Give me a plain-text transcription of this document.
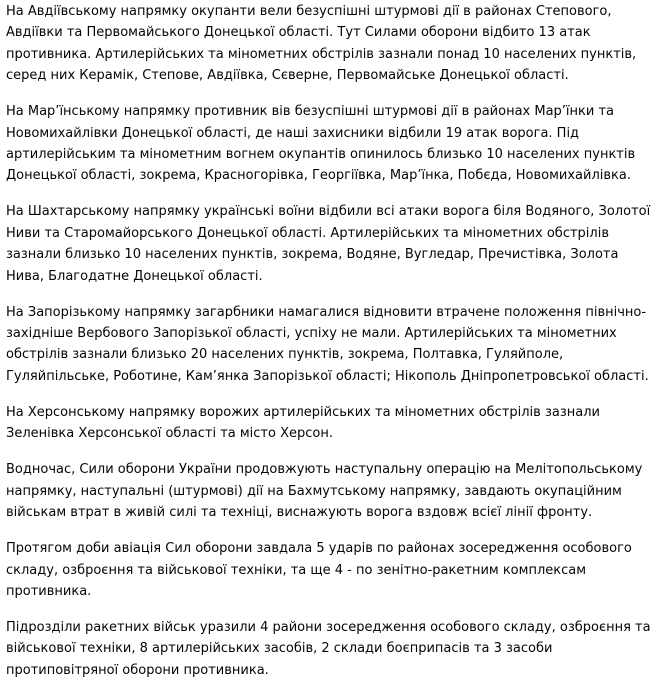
На Авдіївському напрямку окупанти вели безуспішні штурмові дії в районах Степового, Авдіївки та Первомайського Донецької області. Тут Силами оборони відбито 13 атак противника. Артилерійських та мінометних обстрілів зазнали понад 10 населених пунктів, серед них Керамік, Степове, Авдіївка, Сєверне, Первомайське Донецької області.

На Мар’їнському напрямку противник вів безуспішні штурмові дії в районах Мар’їнки та Новомихайлівки Донецької області, де наші захисники відбили 19 атак ворога. Під артилерійським та мінометним вогнем окупантів опинилось близько 10 населених пунктів Донецької області, зокрема, Красногорівка, Георгіївка, Мар’їнка, Побєда, Новомихайлівка.

На Шахтарському напрямку українські воїни відбили всі атаки ворога біля Водяного, Золотої Ниви та Старомайорського Донецької області. Артилерійських та мінометних обстрілів зазнали близько 10 населених пунктів, зокрема, Водяне, Вугледар, Пречистівка, Золота Нива, Благодатне Донецької області.

На Запорізькому напрямку загарбники намагалися відновити втрачене положення північно-західніше Вербового Запорізької області, успіху не мали. Артилерійських та мінометних обстрілів зазнали близько 20 населених пунктів, зокрема, Полтавка, Гуляйполе, Гуляйпільське, Роботине, Кам’янка Запорізької області; Нікополь Дніпропетровської області.

На Херсонському напрямку ворожих артилерійських та мінометних обстрілів зазнали Зеленівка Херсонської області та місто Херсон.

Водночас, Сили оборони України продовжують наступальну операцію на Мелітопольському напрямку, наступальні (штурмові) дії на Бахмутському напрямку, завдають окупаційним військам втрат в живій силі та техніці, виснажують ворога вздовж всієї лінії фронту.

Протягом доби авіація Сил оборони завдала 5 ударів по районах зосередження особового складу, озброєння та військової техніки, та ще 4 - по зенітно-ракетним комплексам противника.

Підрозділи ракетних військ уразили 4 райони зосередження особового складу, озброєння та військової техніки, 8 артилерійських засобів, 2 склади боєприпасів та 3 засоби протиповітряної оборони противника.
